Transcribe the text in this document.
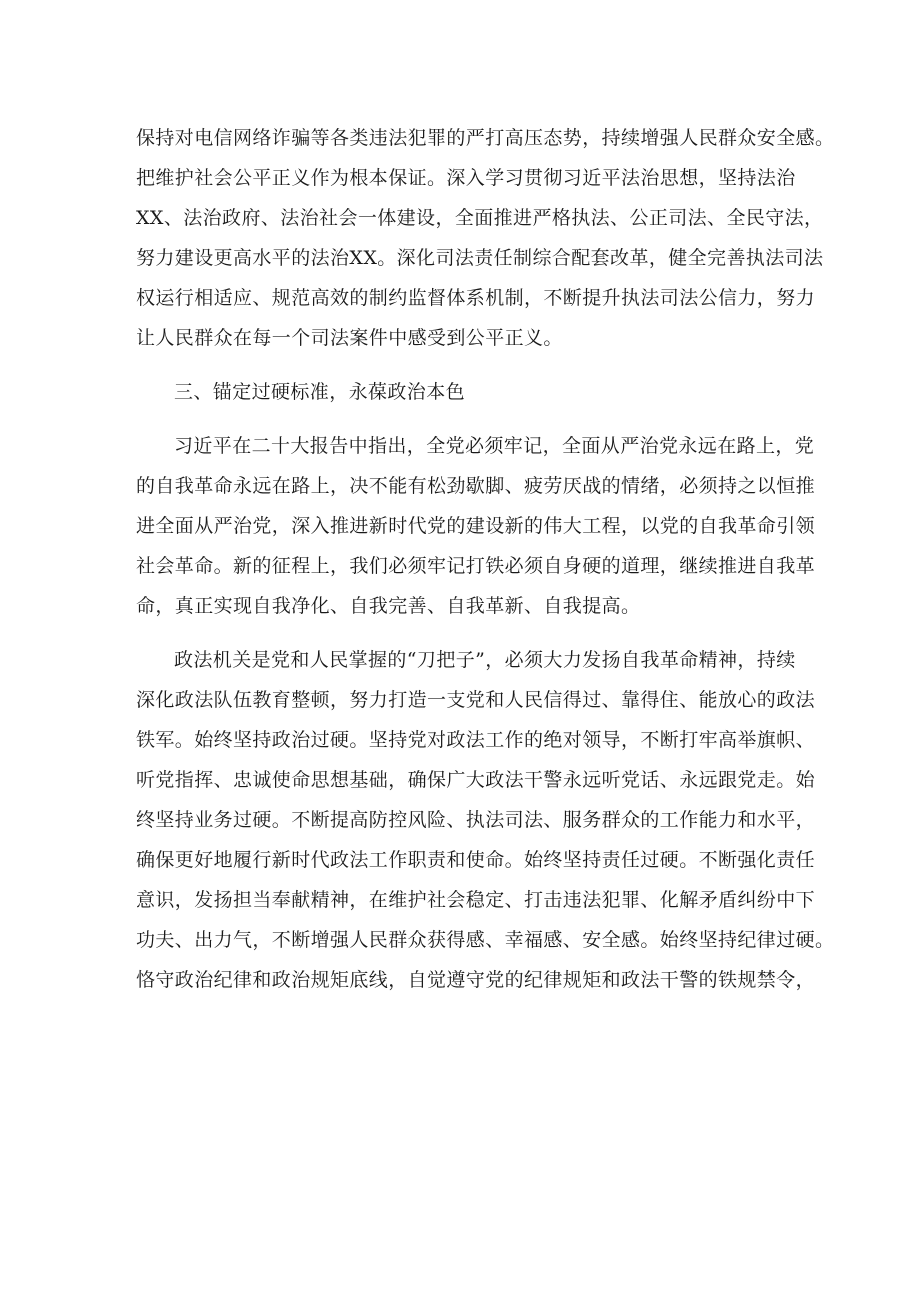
保持对电信网络诈骗等各类违法犯罪的严打高压态势，持续增强人民群众安全感。
把维护社会公平正义作为根本保证。深入学习贯彻习近平法治思想，坚持法治
XX、法治政府、法治社会一体建设，全面推进严格执法、公正司法、全民守法，
努力建设更高水平的法治XX。深化司法责任制综合配套改革，健全完善执法司法
权运行相适应、规范高效的制约监督体系机制，不断提升执法司法公信力，努力
让人民群众在每一个司法案件中感受到公平正义。
三、锚定过硬标准，永葆政治本色
习近平在二十大报告中指出，全党必须牢记，全面从严治党永远在路上，党
的自我革命永远在路上，决不能有松劲歇脚、疲劳厌战的情绪，必须持之以恒推
进全面从严治党，深入推进新时代党的建设新的伟大工程，以党的自我革命引领
社会革命。新的征程上，我们必须牢记打铁必须自身硬的道理，继续推进自我革
命，真正实现自我净化、自我完善、自我革新、自我提高。
政法机关是党和人民掌握的“刀把子”，必须大力发扬自我革命精神，持续
深化政法队伍教育整顿，努力打造一支党和人民信得过、靠得住、能放心的政法
铁军。始终坚持政治过硬。坚持党对政法工作的绝对领导，不断打牢高举旗帜、
听党指挥、忠诚使命思想基础，确保广大政法干警永远听党话、永远跟党走。始
终坚持业务过硬。不断提高防控风险、执法司法、服务群众的工作能力和水平，
确保更好地履行新时代政法工作职责和使命。始终坚持责任过硬。不断强化责任
意识，发扬担当奉献精神，在维护社会稳定、打击违法犯罪、化解矛盾纠纷中下
功夫、出力气，不断增强人民群众获得感、幸福感、安全感。始终坚持纪律过硬。
恪守政治纪律和政治规矩底线，自觉遵守党的纪律规矩和政法干警的铁规禁令，
